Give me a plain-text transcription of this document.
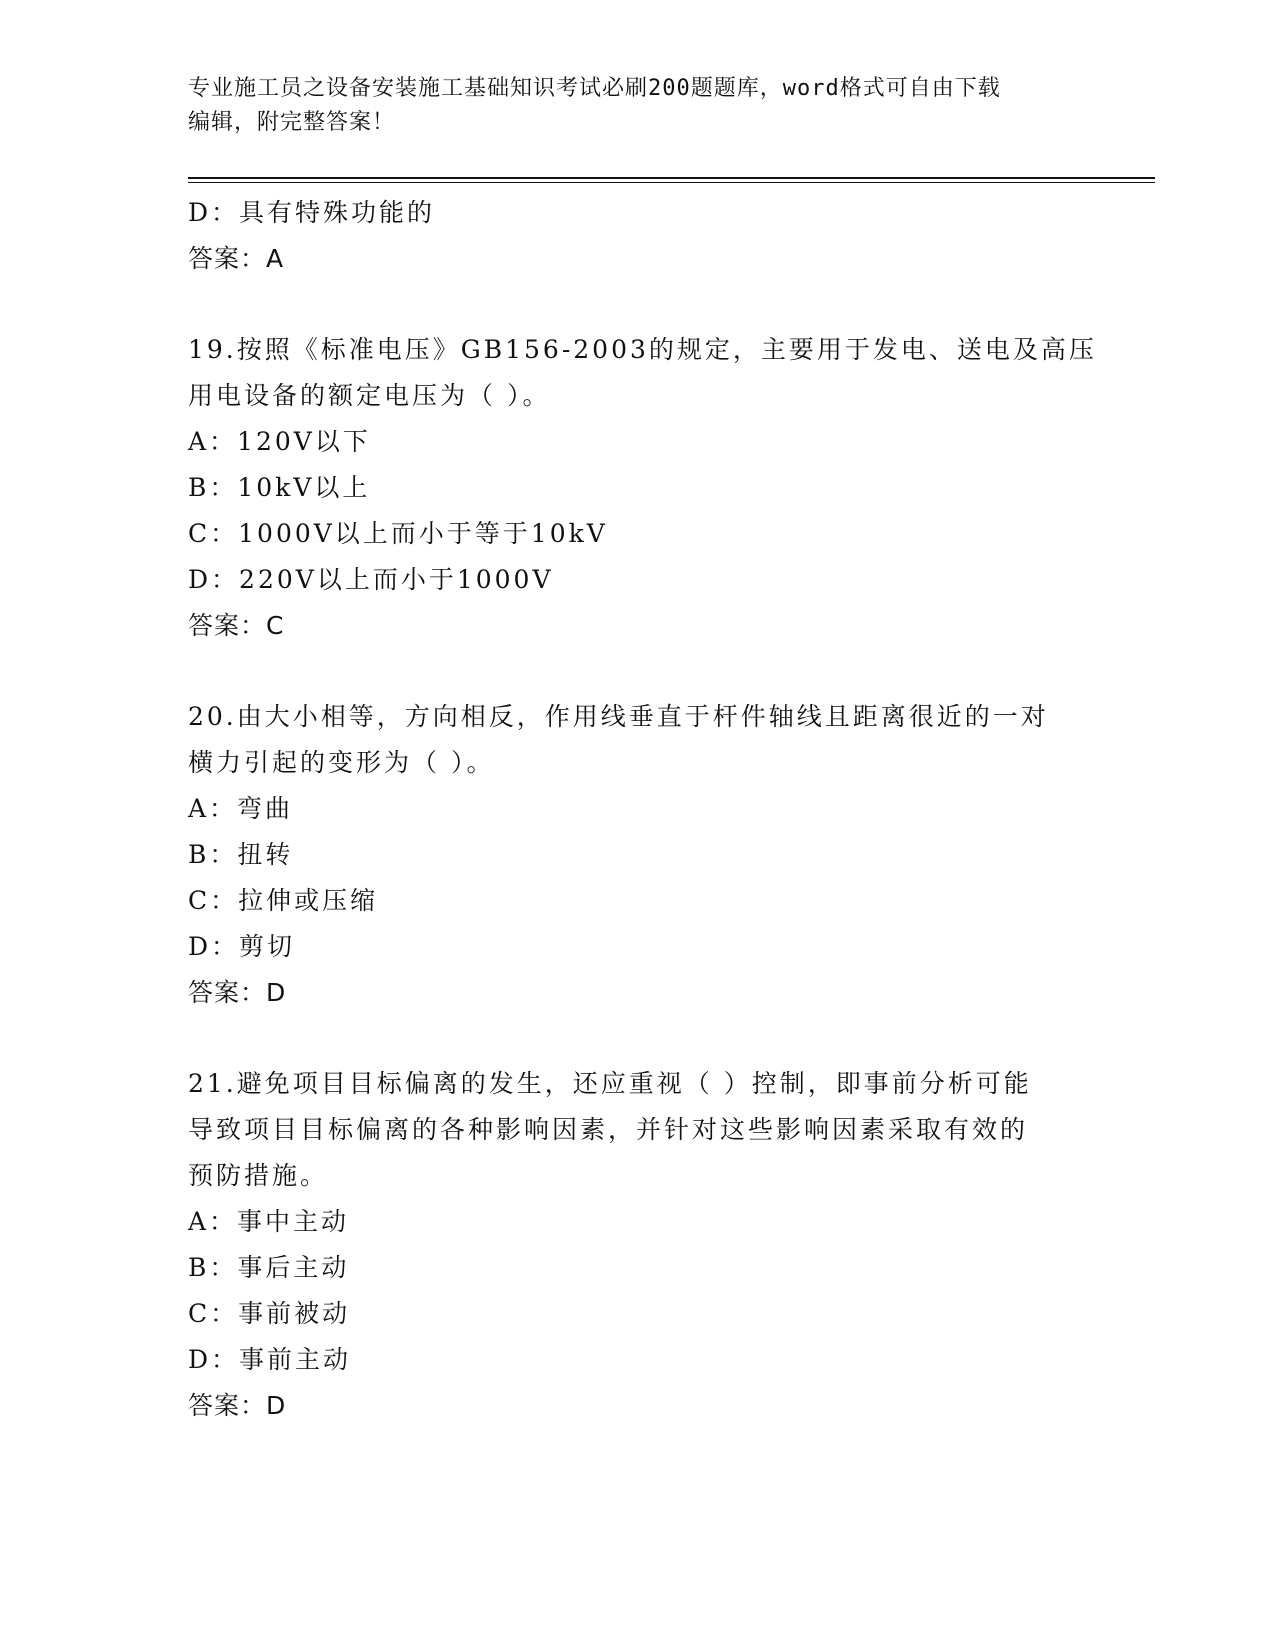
专业施工员之设备安装施工基础知识考试必刷200题题库，word格式可自由下载
编辑，附完整答案！
D：具有特殊功能的
答案：A
19.按照《标准电压》GB156-2003的规定，主要用于发电、送电及高压
用电设备的额定电压为（ ）。
A：120V以下
B：10kV以上
C：1000V以上而小于等于10kV
D：220V以上而小于1000V
答案：C
20.由大小相等，方向相反，作用线垂直于杆件轴线且距离很近的一对
横力引起的变形为（ ）。
A：弯曲
B：扭转
C：拉伸或压缩
D：剪切
答案：D
21.避免项目目标偏离的发生，还应重视（ ）控制，即事前分析可能
导致项目目标偏离的各种影响因素，并针对这些影响因素采取有效的
预防措施。
A：事中主动
B：事后主动
C：事前被动
D：事前主动
答案：D
